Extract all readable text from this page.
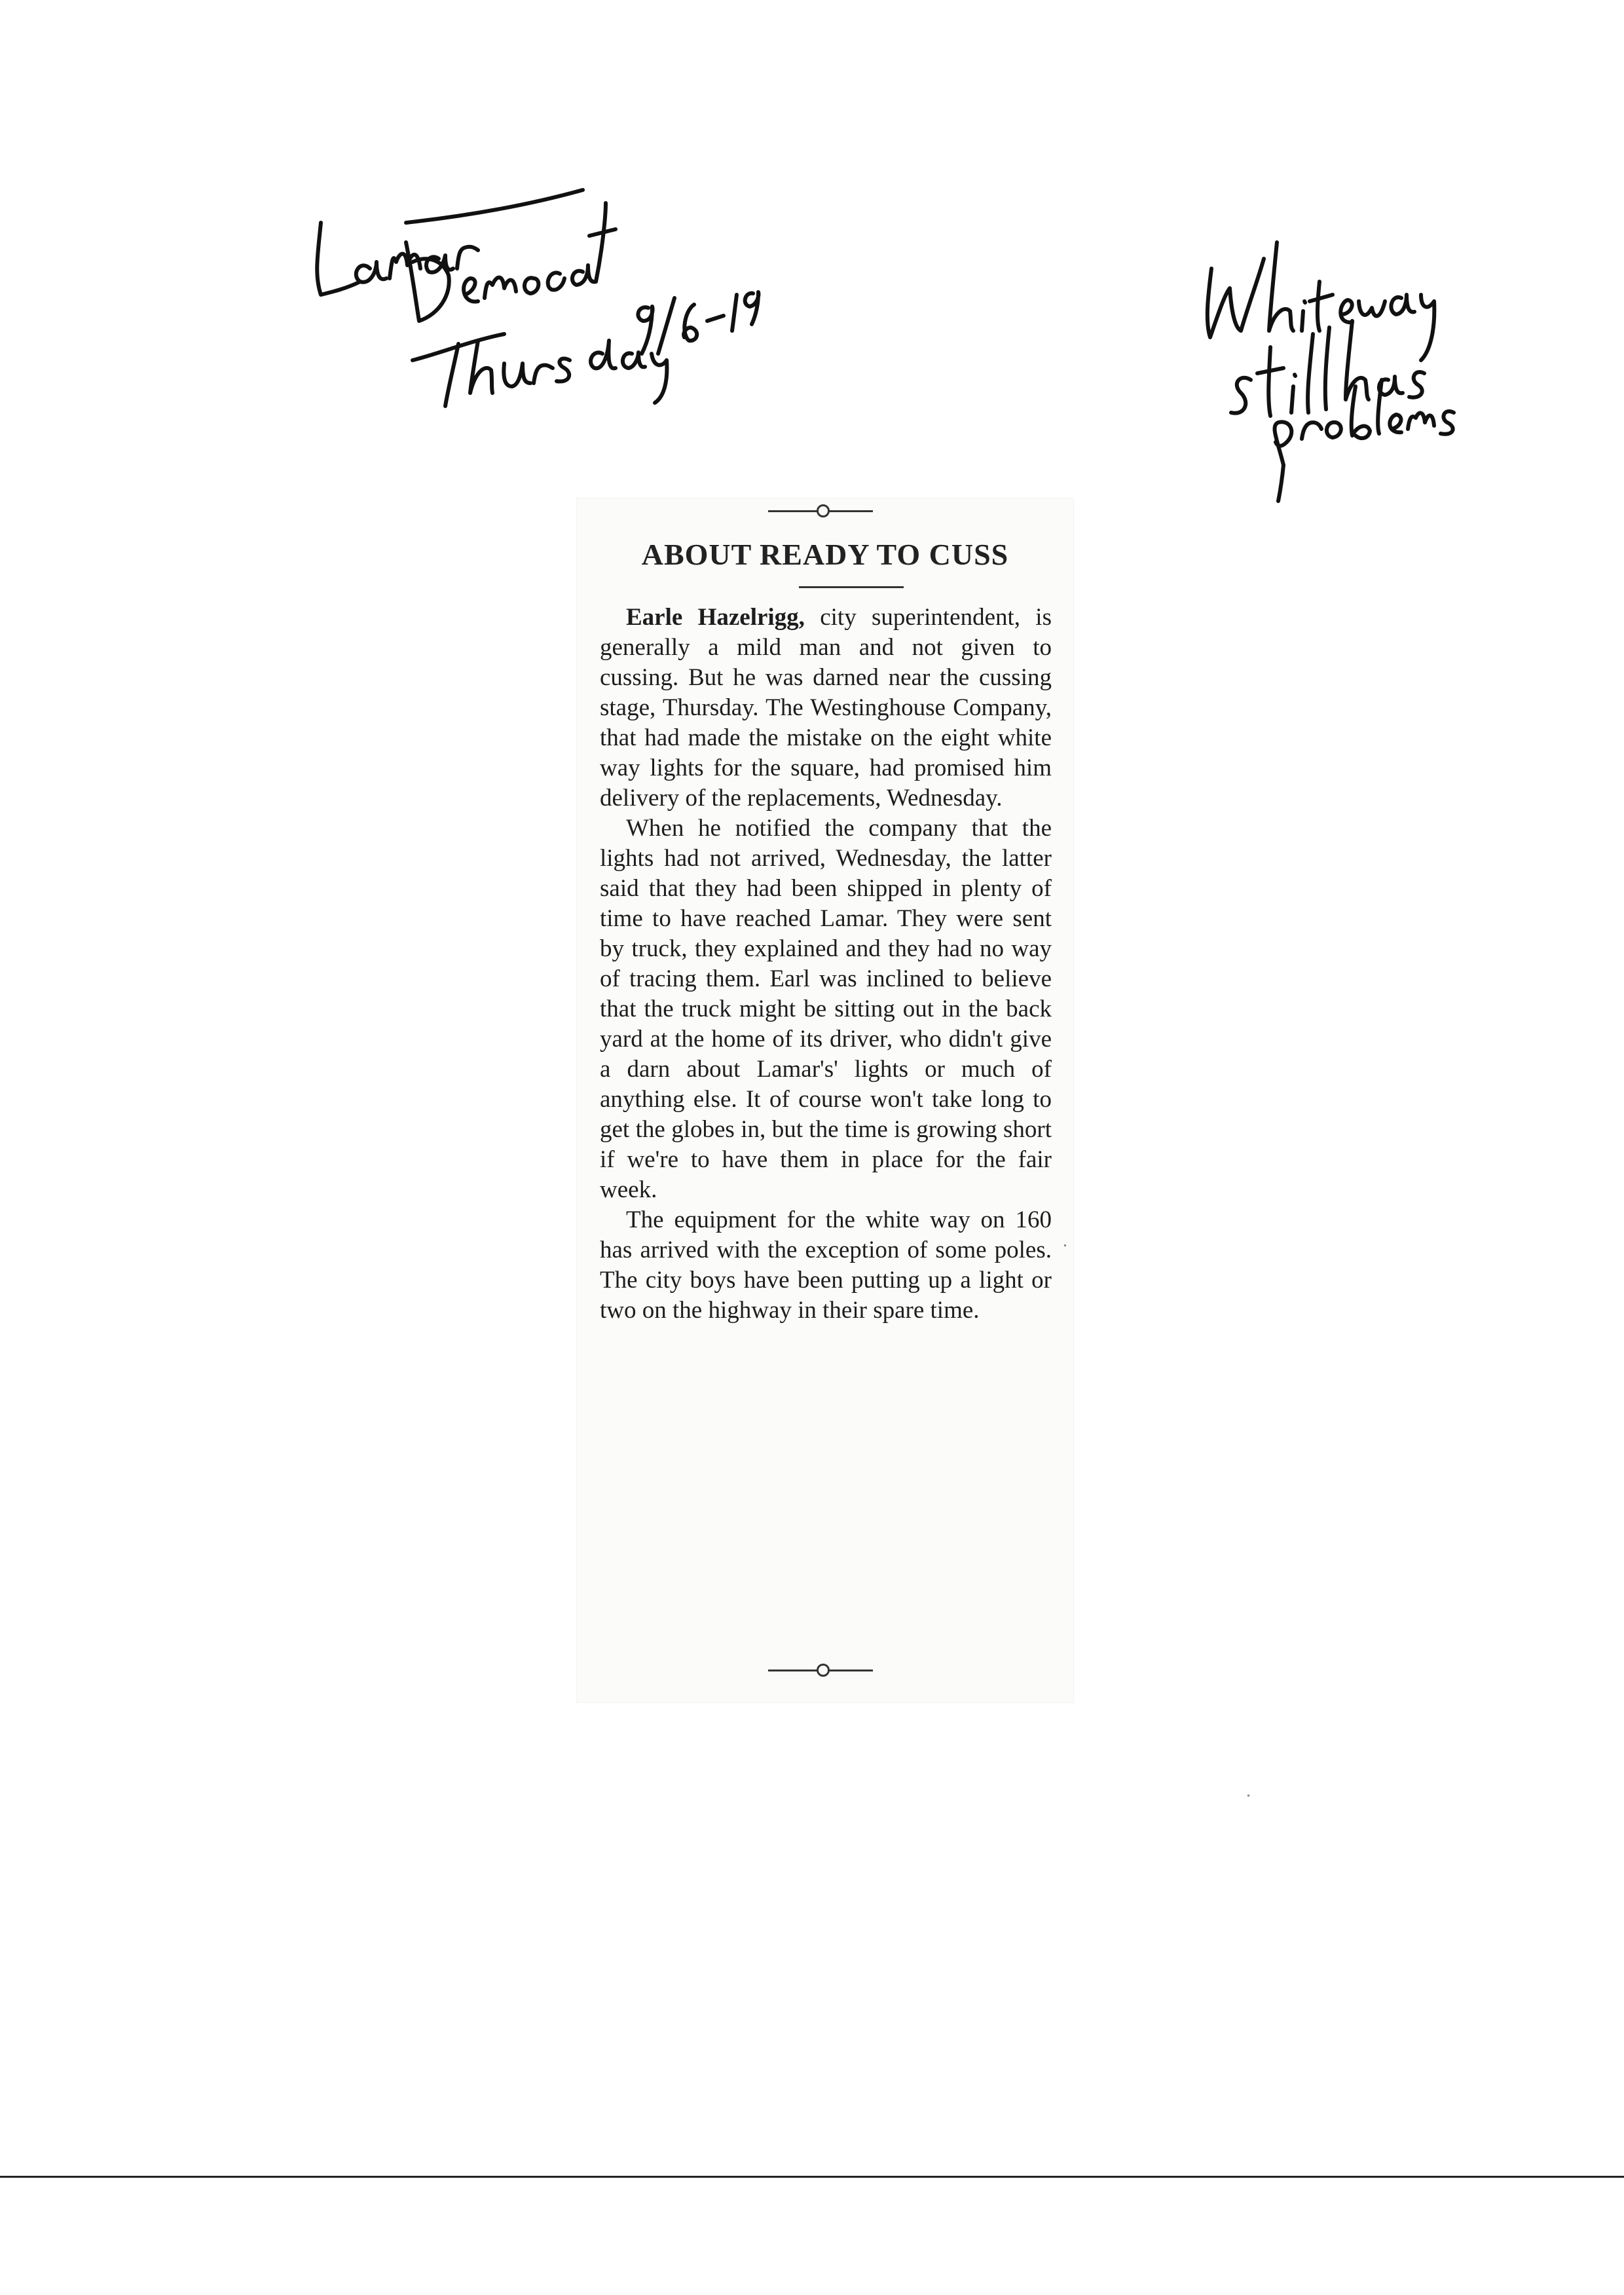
ABOUT READY TO CUSS

Earle Hazelrigg, city superintendent, is generally a mild man and not given to cussing. But he was darned near the cussing stage, Thursday. The Westinghouse Company, that had made the mistake on the eight white way lights for the square, had promised him delivery of the replacements, Wednesday.

When he notified the company that the lights had not arrived, Wednesday, the latter said that they had been shipped in plenty of time to have reached Lamar. They were sent by truck, they explained and they had no way of tracing them. Earl was inclined to believe that the truck might be sitting out in the back yard at the home of its driver, who didn't give a darn about Lamar's' lights or much of anything else. It of course won't take long to get the globes in, but the time is growing short if we're to have them in place for the fair week.

The equipment for the white way on 160 has arrived with the exception of some poles. The city boys have been putting up a light or two on the highway in their spare time.
